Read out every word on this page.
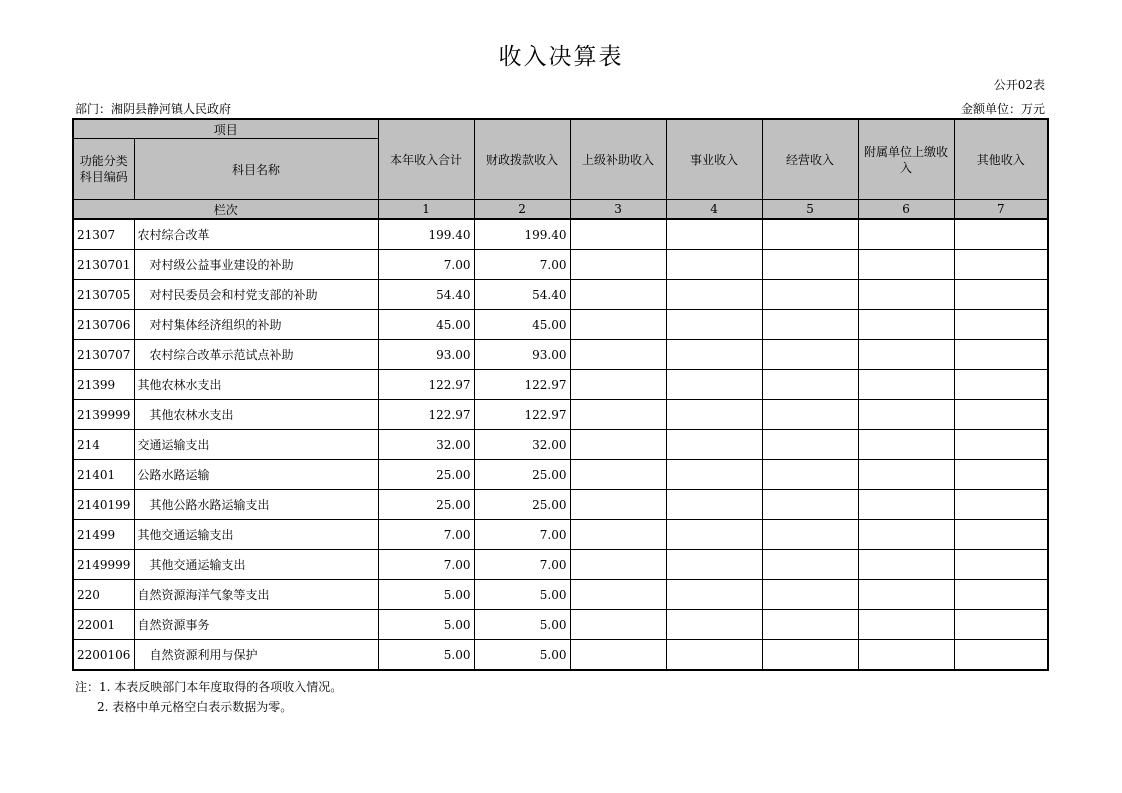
收入决算表
公开02表
部门：湘阴县静河镇人民政府	金额单位：万元
项目		本年收入合计	财政拨款收入	上级补助收入	事业收入	经营收入	附属单位上缴收入	其他收入
功能分类科目编码	科目名称							
栏次		1	2	3	4	5	6	7
21307	农村综合改革	199.40	199.40					
2130701	对村级公益事业建设的补助	7.00	7.00					
2130705	对村民委员会和村党支部的补助	54.40	54.40					
2130706	对村集体经济组织的补助	45.00	45.00					
2130707	农村综合改革示范试点补助	93.00	93.00					
21399	其他农林水支出	122.97	122.97					
2139999	其他农林水支出	122.97	122.97					
214	交通运输支出	32.00	32.00					
21401	公路水路运输	25.00	25.00					
2140199	其他公路水路运输支出	25.00	25.00					
21499	其他交通运输支出	7.00	7.00					
2149999	其他交通运输支出	7.00	7.00					
220	自然资源海洋气象等支出	5.00	5.00					
22001	自然资源事务	5.00	5.00					
2200106	自然资源利用与保护	5.00	5.00					
注：1. 本表反映部门本年度取得的各项收入情况。
2. 表格中单元格空白表示数据为零。
